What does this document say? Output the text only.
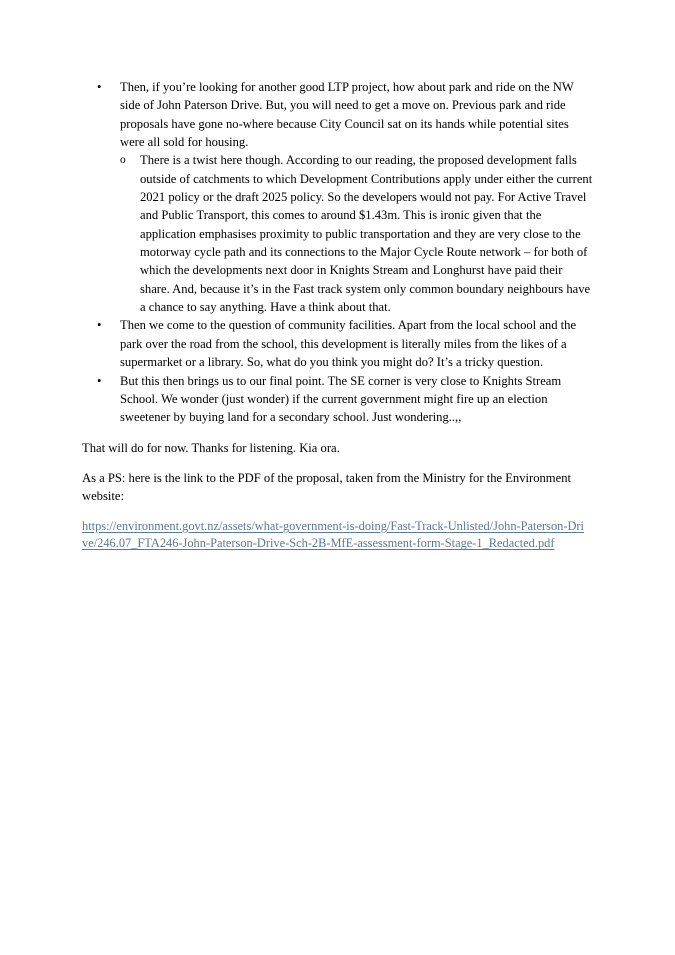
•	Then, if you’re looking for another good LTP project, how about park and ride on the NW side of John Paterson Drive. But, you will need to get a move on. Previous park and ride proposals have gone no-where because City Council sat on its hands while potential sites were all sold for housing.
o	There is a twist here though. According to our reading, the proposed development falls outside of catchments to which Development Contributions apply under either the current 2021 policy or the draft 2025 policy. So the developers would not pay. For Active Travel and Public Transport, this comes to around $1.43m. This is ironic given that the application emphasises proximity to public transportation and they are very close to the motorway cycle path and its connections to the Major Cycle Route network – for both of which the developments next door in Knights Stream and Longhurst have paid their share. And, because it’s in the Fast track system only common boundary neighbours have a chance to say anything. Have a think about that.
•	Then we come to the question of community facilities. Apart from the local school and the park over the road from the school, this development is literally miles from the likes of a supermarket or a library. So, what do you think you might do? It’s a tricky question.
•	But this then brings us to our final point. The SE corner is very close to Knights Stream School. We wonder (just wonder) if the current government might fire up an election sweetener by buying land for a secondary school. Just wondering..,,

That will do for now. Thanks for listening. Kia ora.

As a PS: here is the link to the PDF of the proposal, taken from the Ministry for the Environment website:

https://environment.govt.nz/assets/what-government-is-doing/Fast-Track-Unlisted/John-Paterson-Drive/246.07_FTA246-John-Paterson-Drive-Sch-2B-MfE-assessment-form-Stage-1_Redacted.pdf
